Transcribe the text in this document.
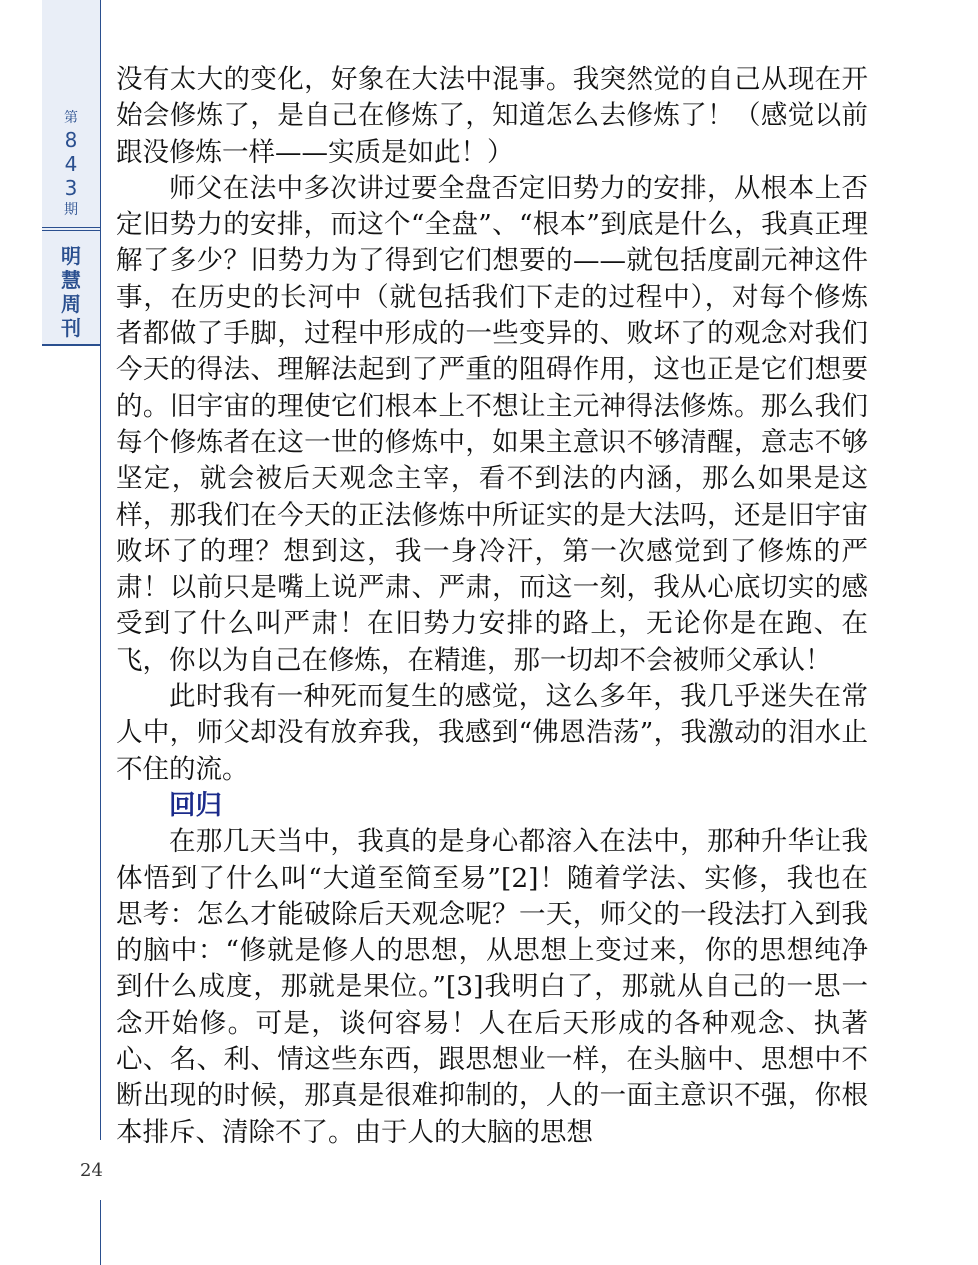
第
8
4
3
期
明
慧
周
刊
24

没有太大的变化，好象在大法中混事。我突然觉的自己从现在开始会修炼了，是自己在修炼了，知道怎么去修炼了！（感觉以前跟没修炼一样——实质是如此！）

师父在法中多次讲过要全盘否定旧势力的安排，从根本上否定旧势力的安排，而这个“全盘”、“根本”到底是什么，我真正理解了多少？旧势力为了得到它们想要的——就包括度副元神这件事，在历史的长河中（就包括我们下走的过程中），对每个修炼者都做了手脚，过程中形成的一些变异的、败坏了的观念对我们今天的得法、理解法起到了严重的阻碍作用，这也正是它们想要的。旧宇宙的理使它们根本上不想让主元神得法修炼。那么我们每个修炼者在这一世的修炼中，如果主意识不够清醒，意志不够坚定，就会被后天观念主宰，看不到法的内涵，那么如果是这样，那我们在今天的正法修炼中所证实的是大法吗，还是旧宇宙败坏了的理？想到这，我一身冷汗，第一次感觉到了修炼的严肃！以前只是嘴上说严肃、严肃，而这一刻，我从心底切实的感受到了什么叫严肃！在旧势力安排的路上，无论你是在跑、在飞，你以为自己在修炼，在精進，那一切却不会被师父承认！

此时我有一种死而复生的感觉，这么多年，我几乎迷失在常人中，师父却没有放弃我，我感到“佛恩浩荡”，我激动的泪水止不住的流。

回归

在那几天当中，我真的是身心都溶入在法中，那种升华让我体悟到了什么叫“大道至简至易”[2]！随着学法、实修，我也在思考：怎么才能破除后天观念呢？一天，师父的一段法打入到我的脑中：“修就是修人的思想，从思想上变过来，你的思想纯净到什么成度，那就是果位。”[3]我明白了，那就从自己的一思一念开始修。可是，谈何容易！人在后天形成的各种观念、执著心、名、利、情这些东西，跟思想业一样，在头脑中、思想中不断出现的时候，那真是很难抑制的，人的一面主意识不强，你根本排斥、清除不了。由于人的大脑的思想
